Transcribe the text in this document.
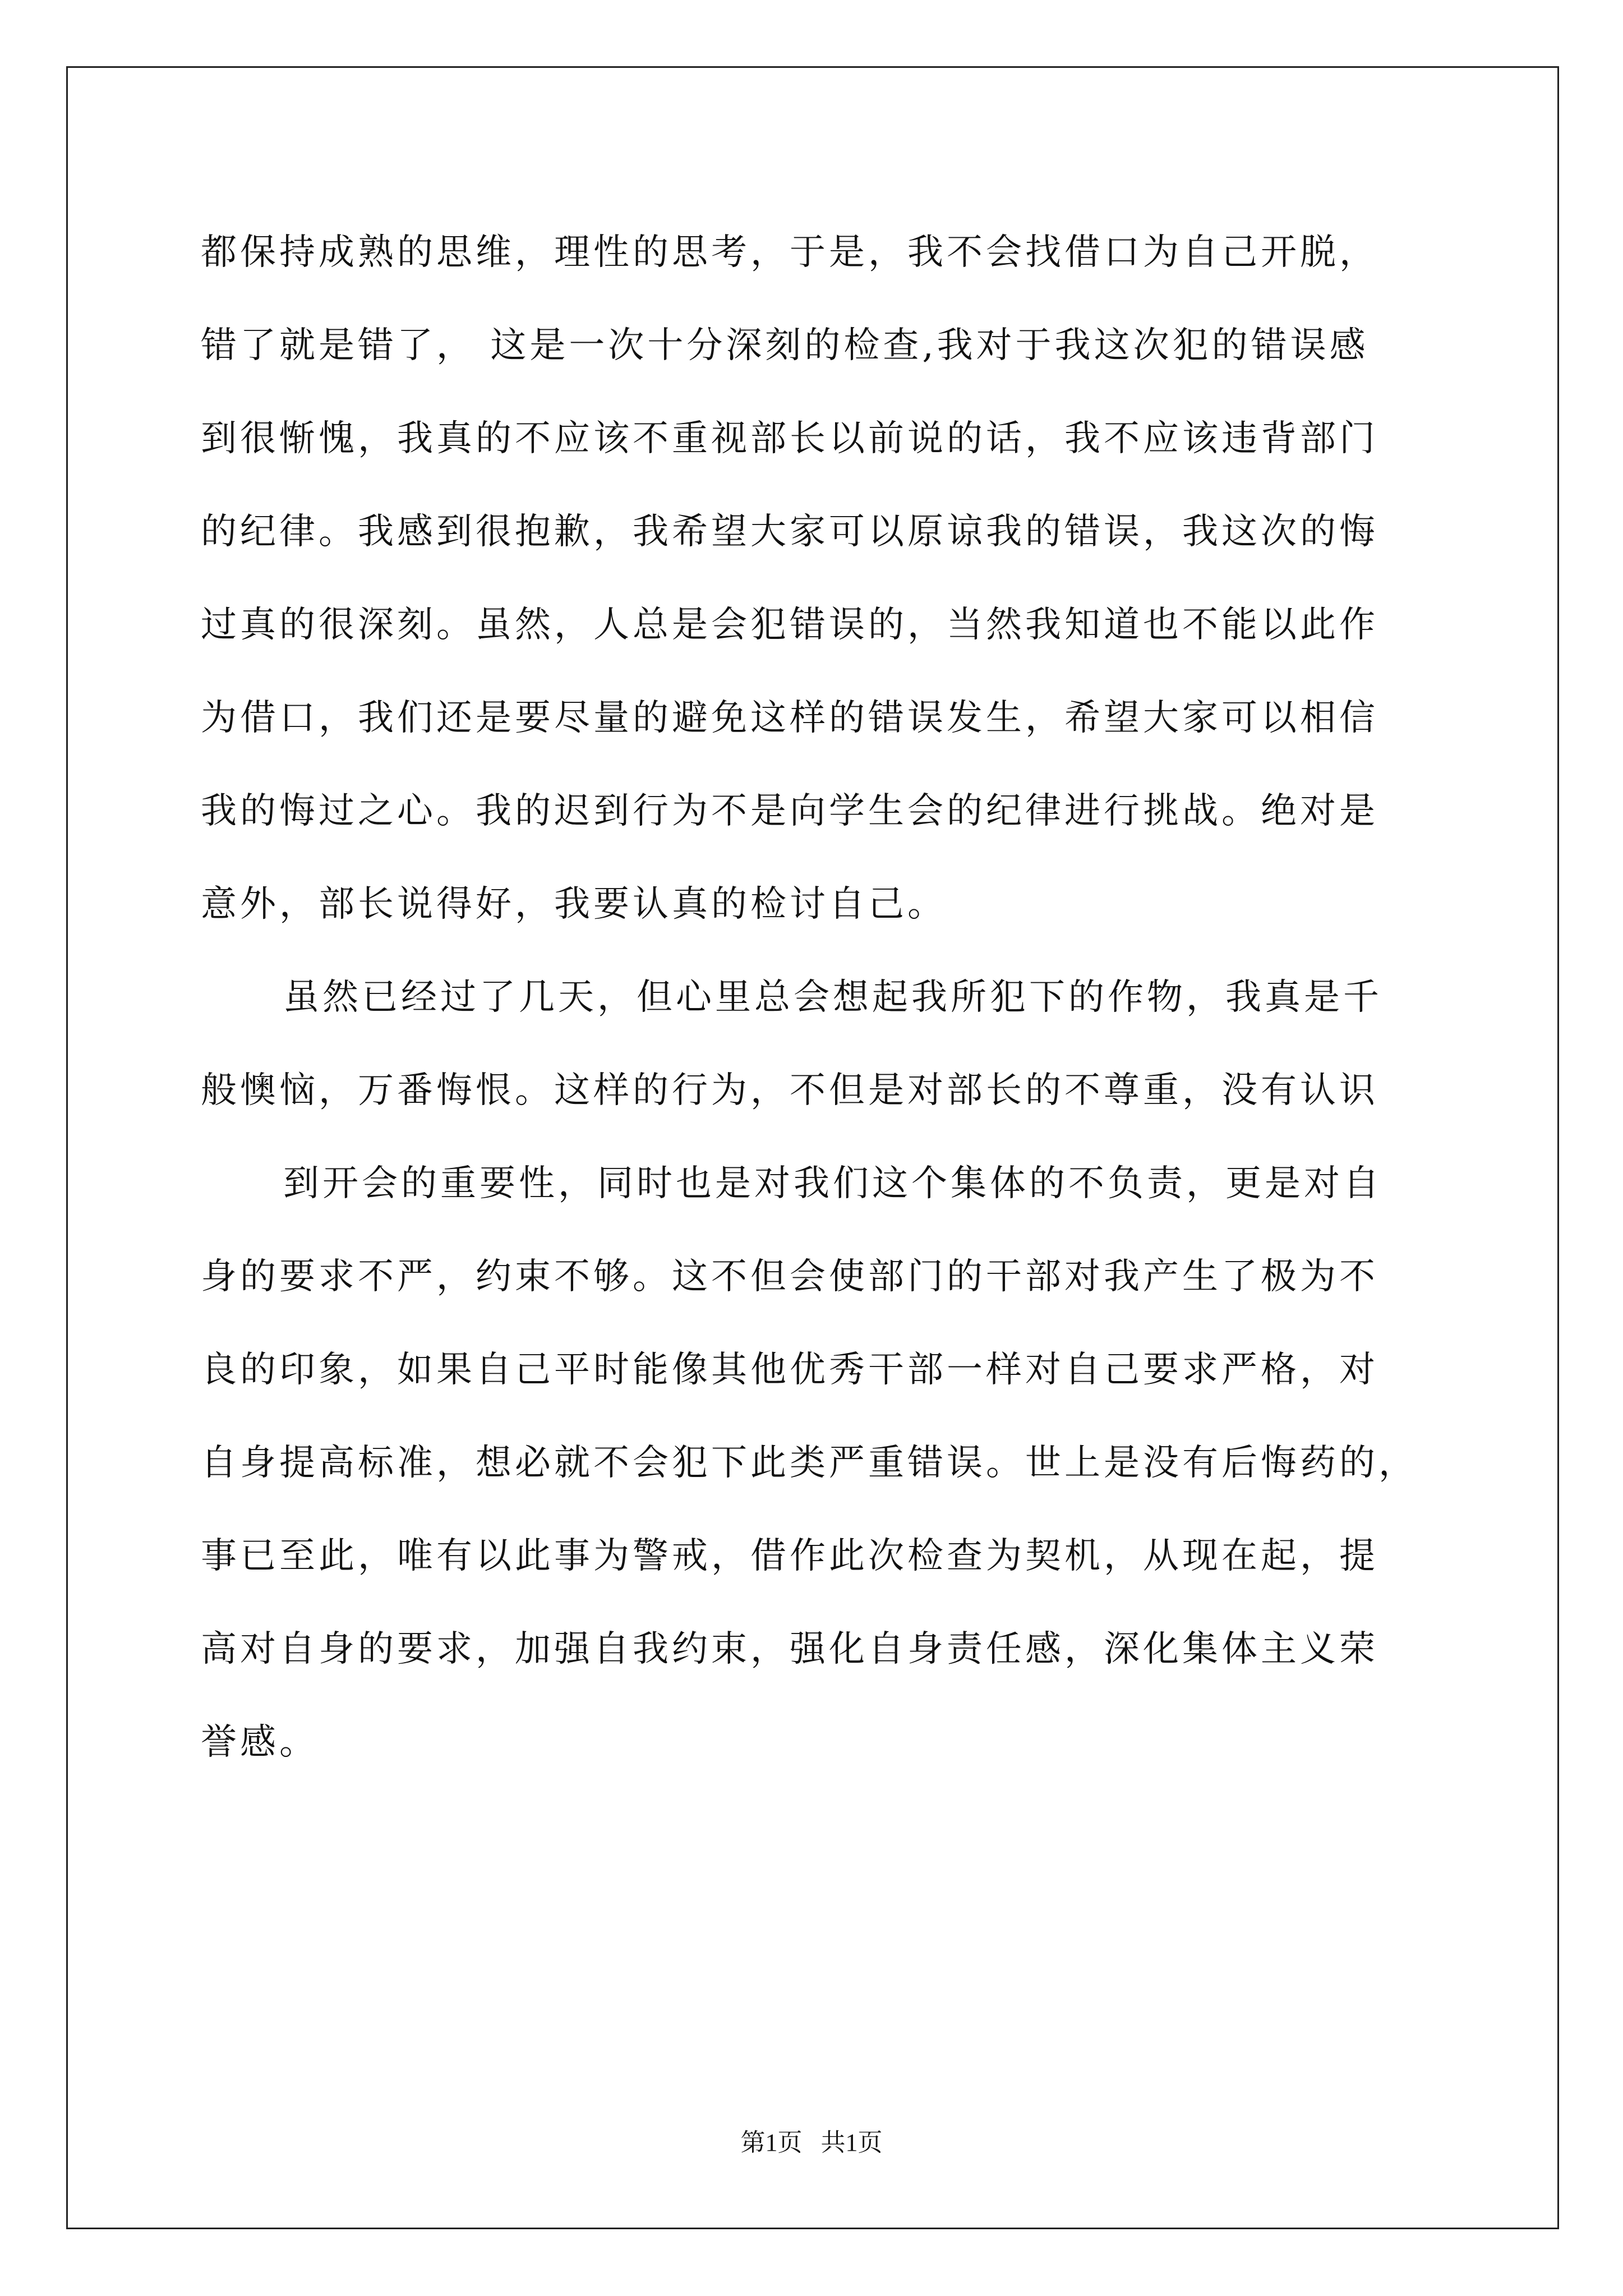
都保持成熟的思维，理性的思考，于是，我不会找借口为自己开脱，
错了就是错了， 这是一次十分深刻的检查,我对于我这次犯的错误感
到很惭愧，我真的不应该不重视部长以前说的话，我不应该违背部门
的纪律。我感到很抱歉，我希望大家可以原谅我的错误，我这次的悔
过真的很深刻。虽然，人总是会犯错误的，当然我知道也不能以此作
为借口，我们还是要尽量的避免这样的错误发生，希望大家可以相信
我的悔过之心。我的迟到行为不是向学生会的纪律进行挑战。绝对是
意外，部长说得好，我要认真的检讨自己。
虽然已经过了几天，但心里总会想起我所犯下的作物，我真是千
般懊恼，万番悔恨。这样的行为，不但是对部长的不尊重，没有认识
到开会的重要性，同时也是对我们这个集体的不负责，更是对自
身的要求不严，约束不够。这不但会使部门的干部对我产生了极为不
良的印象，如果自己平时能像其他优秀干部一样对自己要求严格，对
自身提高标准，想必就不会犯下此类严重错误。世上是没有后悔药的，
事已至此，唯有以此事为警戒，借作此次检查为契机，从现在起，提
高对自身的要求，加强自我约束，强化自身责任感，深化集体主义荣
誉感。
第1页   共1页
